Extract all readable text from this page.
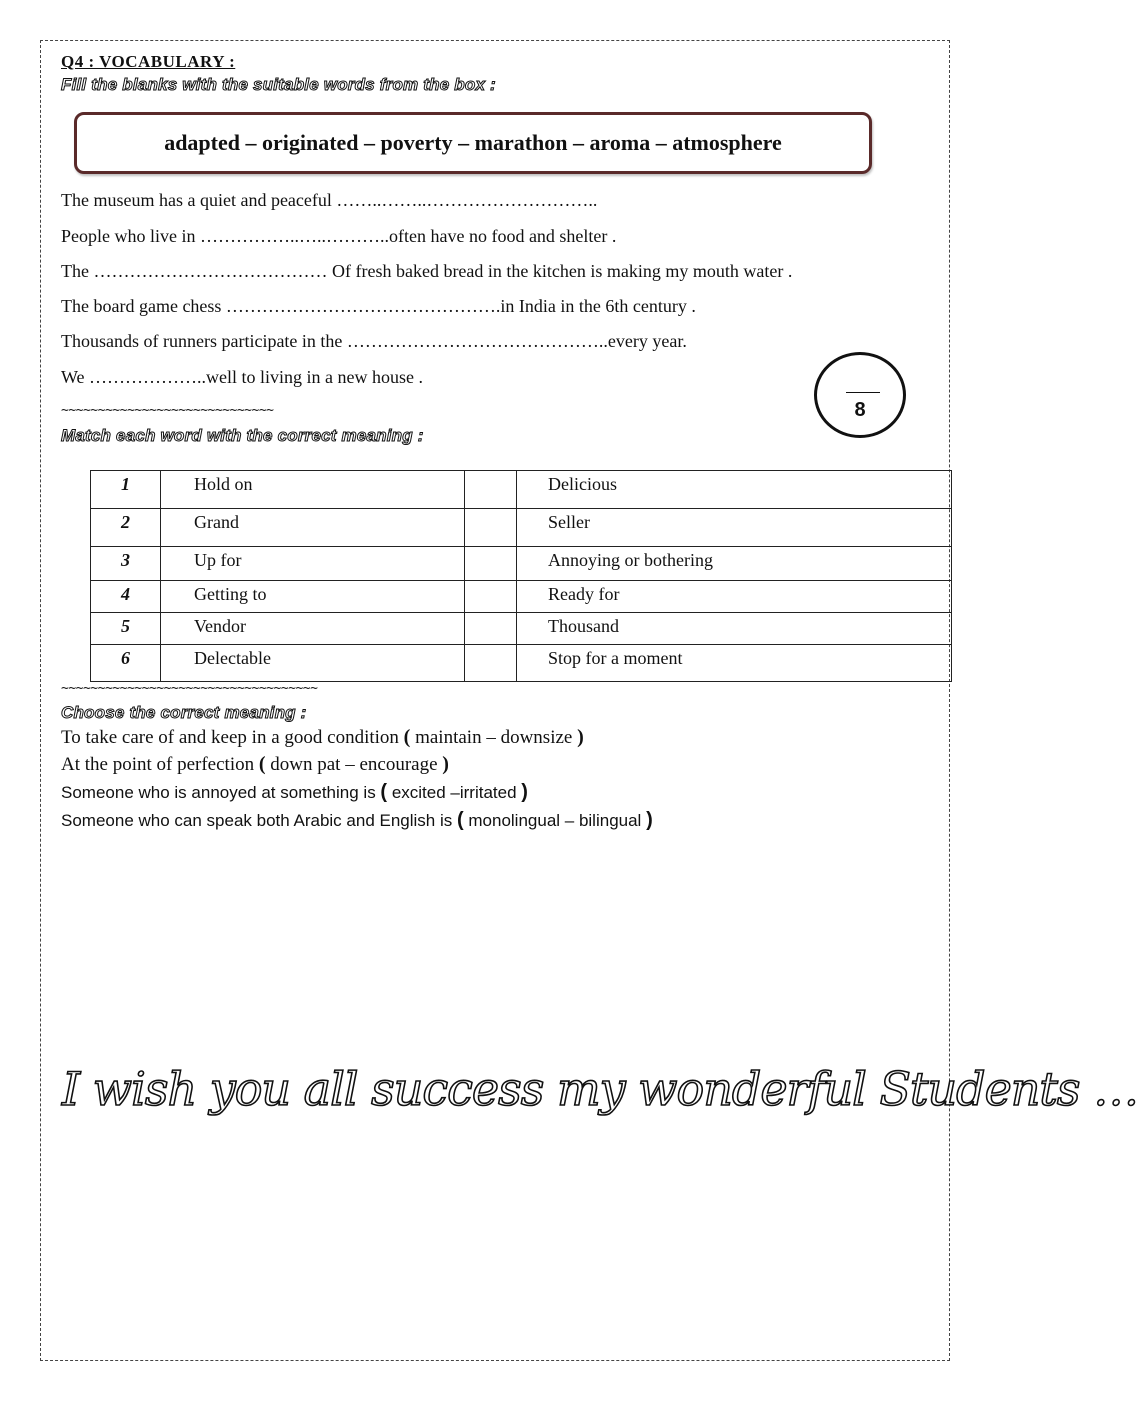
Q4 : VOCABULARY :
Fill the blanks with the suitable words from the box :
adapted – originated – poverty – marathon – aroma – atmosphere
The museum has a quiet and peaceful ……..……..………………………..
People who live in ……………..…..………..often have no food and shelter .
The ………………………………… Of fresh baked bread in the kitchen is making my mouth water .
The board game chess ……………………………………….in India in the 6th century .
Thousands of runners participate in the ……………………………………..every year.
We ………………..well to living in a new house .
8
~~~~~~~~~~~~~~~~~~~~~~~~~~~~~
Match each word with the correct meaning :
1	Hold on		Delicious
2	Grand		Seller
3	Up for		Annoying or bothering
4	Getting to		Ready for
5	Vendor		Thousand
6	Delectable		Stop for a moment
~~~~~~~~~~~~~~~~~~~~~~~~~~~~~~~~~~~
Choose the correct meaning :
To take care of and keep in a good condition ( maintain – downsize )
At the point of perfection ( down pat – encourage )
Someone who is annoyed at something is ( excited –irritated )
Someone who can speak both Arabic and English is ( monolingual – bilingual )
I wish you all success my wonderful Students …
